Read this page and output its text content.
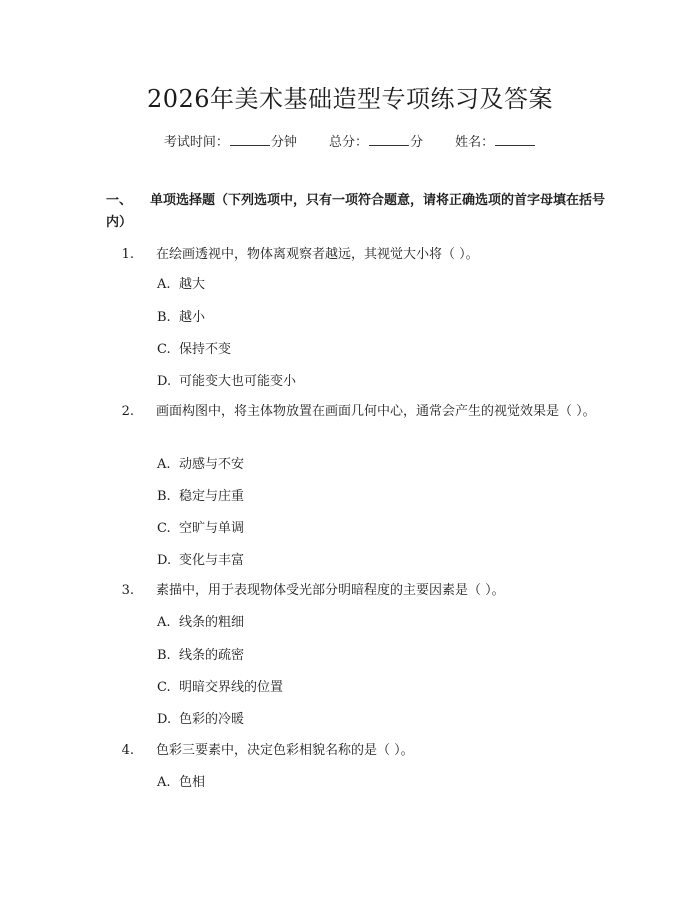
2026年美术基础造型专项练习及答案
考试时间：	分钟 总分：	分 姓名：
一、 单项选择题（下列选项中，只有一项符合题意，请将正确选项的首字母填在括号内）
1. 在绘画透视中，物体离观察者越远，其视觉大小将（ ）。
A. 越大
B. 越小
C. 保持不变
D. 可能变大也可能变小
2. 画面构图中，将主体物放置在画面几何中心，通常会产生的视觉效果是（ ）。
A. 动感与不安
B. 稳定与庄重
C. 空旷与单调
D. 变化与丰富
3. 素描中，用于表现物体受光部分明暗程度的主要因素是（ ）。
A. 线条的粗细
B. 线条的疏密
C. 明暗交界线的位置
D. 色彩的冷暖
4. 色彩三要素中，决定色彩相貌名称的是（ ）。
A. 色相
